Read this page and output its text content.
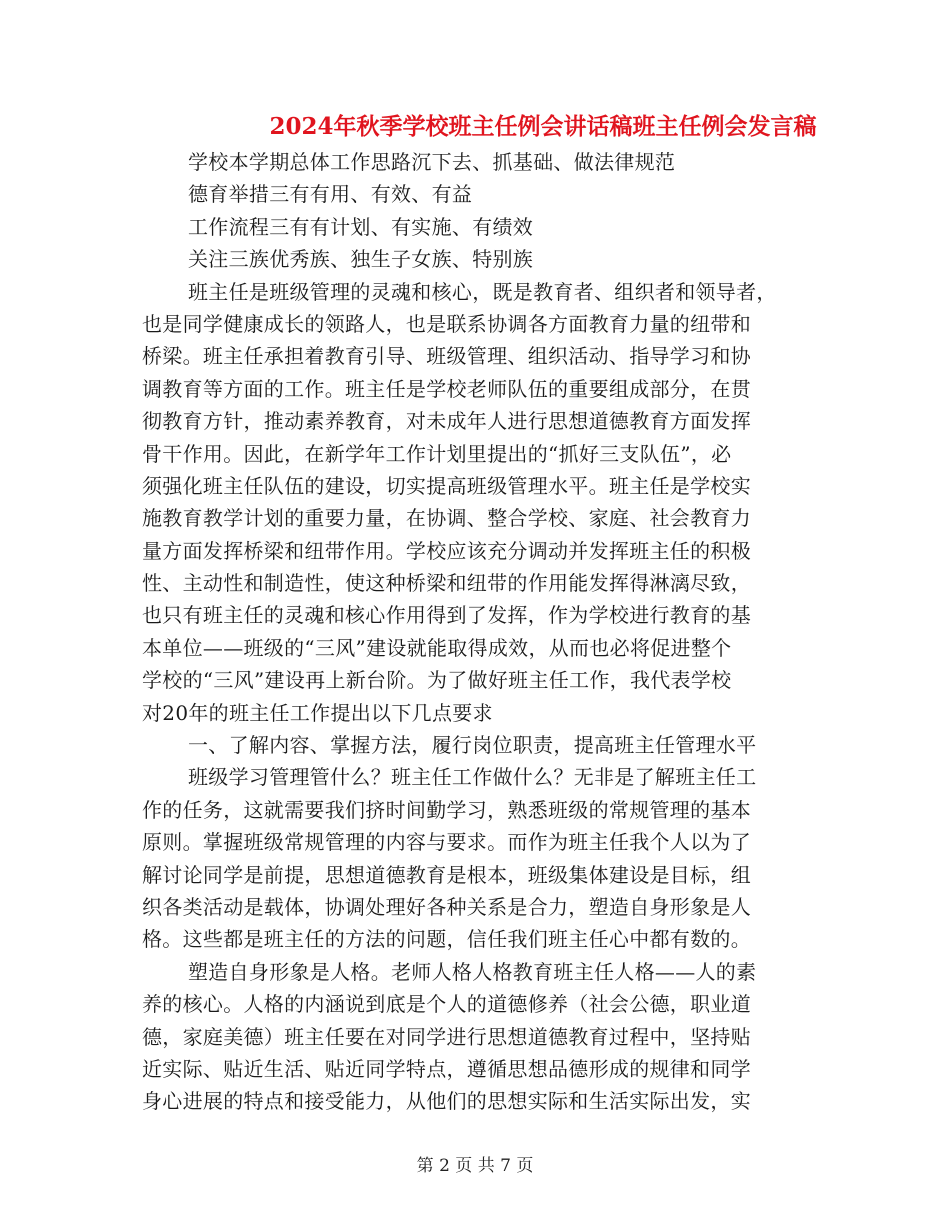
2024年秋季学校班主任例会讲话稿班主任例会发言稿
学校本学期总体工作思路沉下去、抓基础、做法律规范
德育举措三有有用、有效、有益
工作流程三有有计划、有实施、有绩效
关注三族优秀族、独生子女族、特别族
班主任是班级管理的灵魂和核心，既是教育者、组织者和领导者，
也是同学健康成长的领路人，也是联系协调各方面教育力量的纽带和
桥梁。班主任承担着教育引导、班级管理、组织活动、指导学习和协
调教育等方面的工作。班主任是学校老师队伍的重要组成部分，在贯
彻教育方针，推动素养教育，对未成年人进行思想道德教育方面发挥
骨干作用。因此，在新学年工作计划里提出的“抓好三支队伍”，必
须强化班主任队伍的建设，切实提高班级管理水平。班主任是学校实
施教育教学计划的重要力量，在协调、整合学校、家庭、社会教育力
量方面发挥桥梁和纽带作用。学校应该充分调动并发挥班主任的积极
性、主动性和制造性，使这种桥梁和纽带的作用能发挥得淋漓尽致，
也只有班主任的灵魂和核心作用得到了发挥，作为学校进行教育的基
本单位——班级的“三风”建设就能取得成效，从而也必将促进整个
学校的“三风”建设再上新台阶。为了做好班主任工作，我代表学校
对20年的班主任工作提出以下几点要求
一、了解内容、掌握方法，履行岗位职责，提高班主任管理水平
班级学习管理管什么？班主任工作做什么？无非是了解班主任工
作的任务，这就需要我们挤时间勤学习，熟悉班级的常规管理的基本
原则。掌握班级常规管理的内容与要求。而作为班主任我个人以为了
解讨论同学是前提，思想道德教育是根本，班级集体建设是目标，组
织各类活动是载体，协调处理好各种关系是合力，塑造自身形象是人
格。这些都是班主任的方法的问题，信任我们班主任心中都有数的。
塑造自身形象是人格。老师人格人格教育班主任人格——人的素
养的核心。人格的内涵说到底是个人的道德修养（社会公德，职业道
德，家庭美德）班主任要在对同学进行思想道德教育过程中，坚持贴
近实际、贴近生活、贴近同学特点，遵循思想品德形成的规律和同学
身心进展的特点和接受能力，从他们的思想实际和生活实际出发，实
第 2 页 共 7 页
